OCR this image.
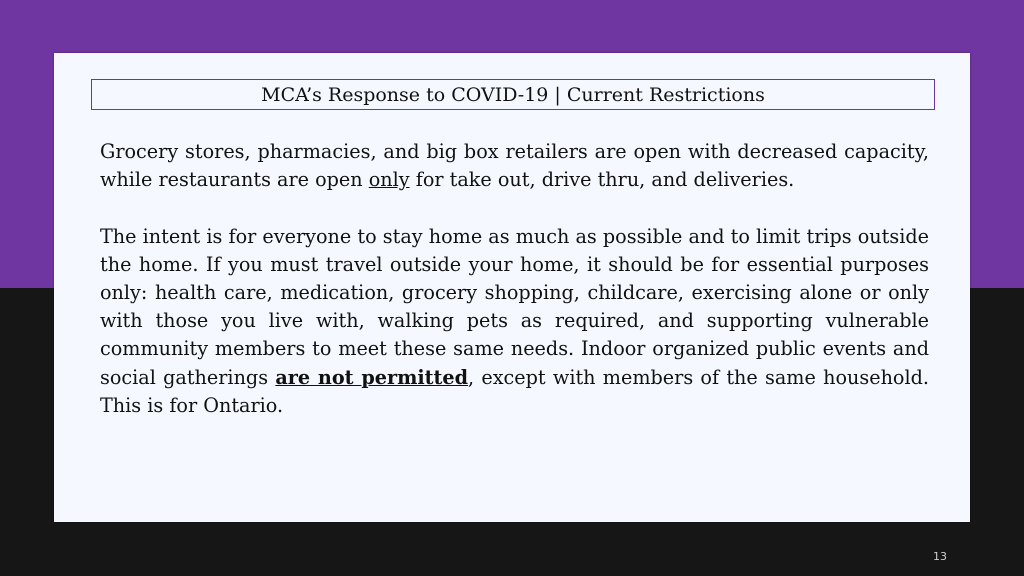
MCA’s Response to COVID-19 | Current Restrictions

Grocery stores, pharmacies, and big box retailers are open with decreased capacity, while restaurants are open only for take out, drive thru, and deliveries.

The intent is for everyone to stay home as much as possible and to limit trips outside the home. If you must travel outside your home, it should be for essential purposes only: health care, medication, grocery shopping, childcare, exercising alone or only with those you live with, walking pets as required, and supporting vulnerable community members to meet these same needs. Indoor organized public events and social gatherings are not permitted, except with members of the same household. This is for Ontario.

13
